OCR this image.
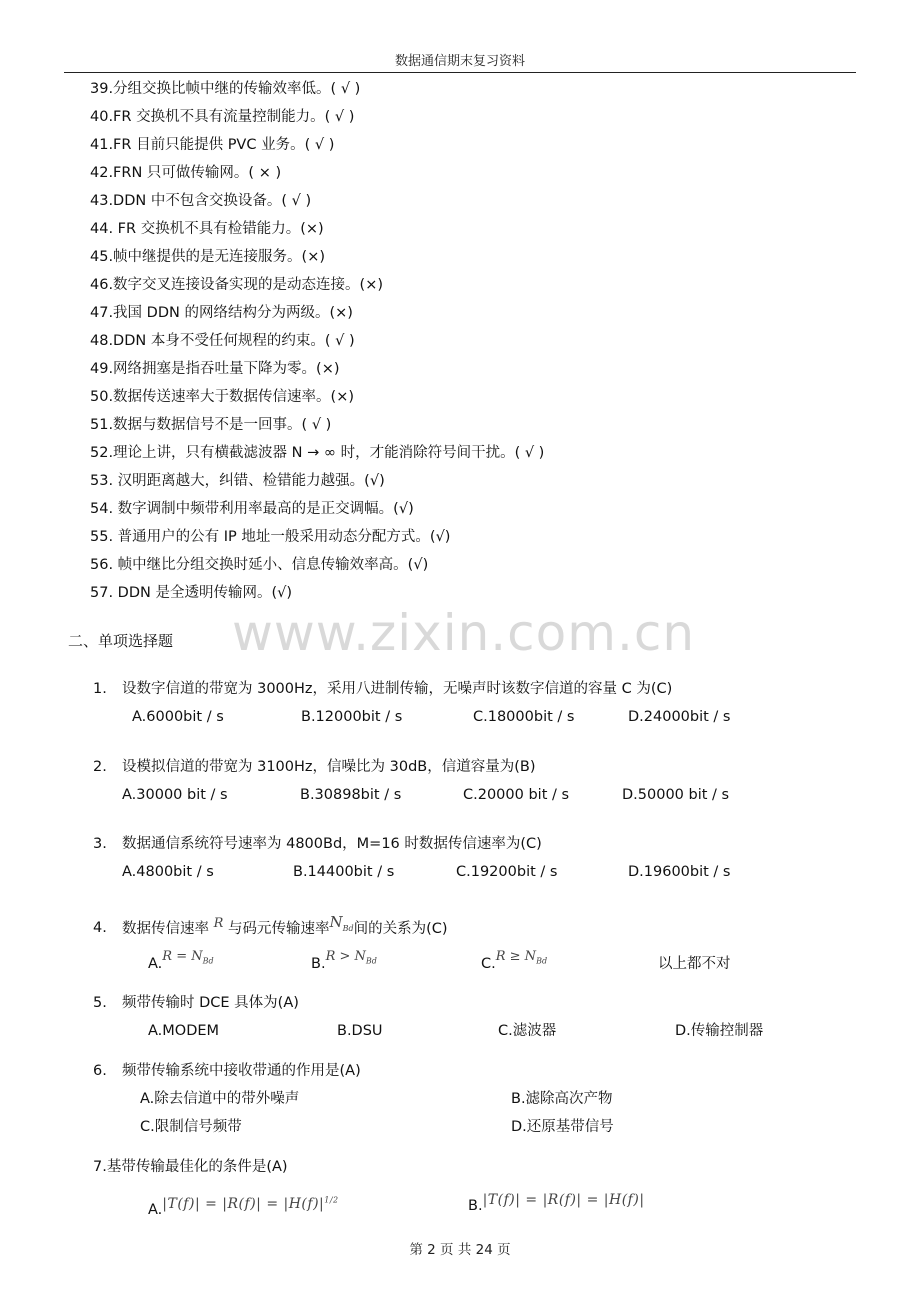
数据通信期末复习资料
39.分组交换比帧中继的传输效率低。( √ )
40.FR 交换机不具有流量控制能力。( √ )
41.FR 目前只能提供 PVC 业务。( √ )
42.FRN 只可做传输网。( × )
43.DDN 中不包含交换设备。( √ )
44. FR 交换机不具有检错能力。(×)
45.帧中继提供的是无连接服务。(×)
46.数字交叉连接设备实现的是动态连接。(×)
47.我国 DDN 的网络结构分为两级。(×)
48.DDN 本身不受任何规程的约束。( √ )
49.网络拥塞是指吞吐量下降为零。(×)
50.数据传送速率大于数据传信速率。(×)
51.数据与数据信号不是一回事。( √ )
52.理论上讲，只有横截滤波器 N → ∞ 时，才能消除符号间干扰。( √ )
53. 汉明距离越大，纠错、检错能力越强。(√)
54. 数字调制中频带利用率最高的是正交调幅。(√)
55. 普通用户的公有 IP 地址一般采用动态分配方式。(√)
56. 帧中继比分组交换时延小、信息传输效率高。(√)
57. DDN 是全透明传输网。(√)
www.zixin.com.cn
二、单项选择题
1. 设数字信道的带宽为 3000Hz，采用八进制传输，无噪声时该数字信道的容量 C 为(C)
A.6000bit / s	B.12000bit / s	C.18000bit / s	D.24000bit / s
2. 设模拟信道的带宽为 3100Hz，信噪比为 30dB，信道容量为(B)
A.30000 bit / s	B.30898bit / s	C.20000 bit / s	D.50000 bit / s
3. 数据通信系统符号速率为 4800Bd，M=16 时数据传信速率为(C)
A.4800bit / s	B.14400bit / s	C.19200bit / s	D.19600bit / s
4. 数据传信速率 R 与码元传输速率$N_{Bd}$间的关系为(C)
$A.R = N_{Bd}$	$B.R > N_{Bd}$	$C.R \ge N_{Bd}$	以上都不对
5. 频带传输时 DCE 具体为(A)
A.MODEM	B.DSU	C.滤波器	D.传输控制器
6. 频带传输系统中接收带通的作用是(A)
A.除去信道中的带外噪声	B.滤除高次产物
C.限制信号频带	D.还原基带信号
7.基带传输最佳化的条件是(A)
$A.|T(f)| = |R(f)| = |H(f)|^{1/2}$	B.|T(f)| = |R(f)| = |H(f)|
第 2 页 共 24 页
